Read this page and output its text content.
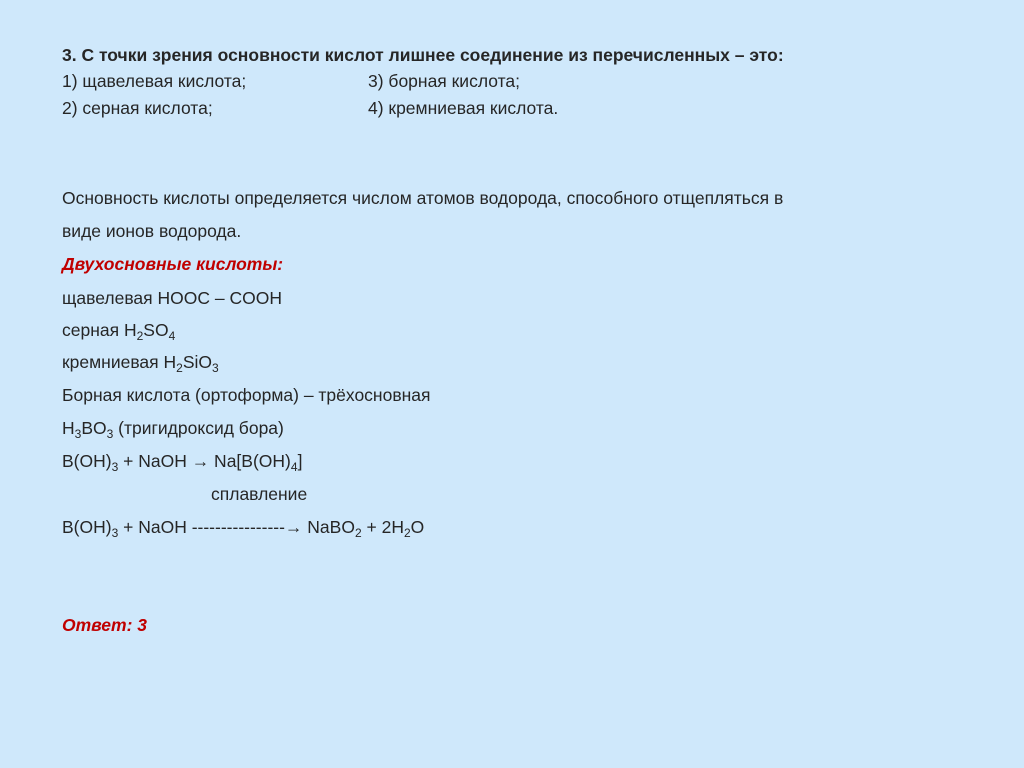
3. С точки зрения основности кислот лишнее соединение из перечисленных – это:
1) щавелевая кислота;	3) борная кислота;
2) серная кислота;	4) кремниевая кислота.
Основность кислоты определяется числом атомов водорода, способного отщепляться в
виде ионов водорода.
Двухосновные кислоты:
щавелевая HOOC – COOH
серная $H_2SO_4$
кремниевая $H_2SiO_3$
Борная кислота (ортоформа) – трёхосновная
$H_3BO_3$ (тригидроксид бора)
$B(OH)_3$ + NaOH → $Na[B(OH)_4]$
сплавление
$B(OH)_3$ + NaOH ----------------→ NaBO$_2$ + $2H_2O$
Ответ: 3
